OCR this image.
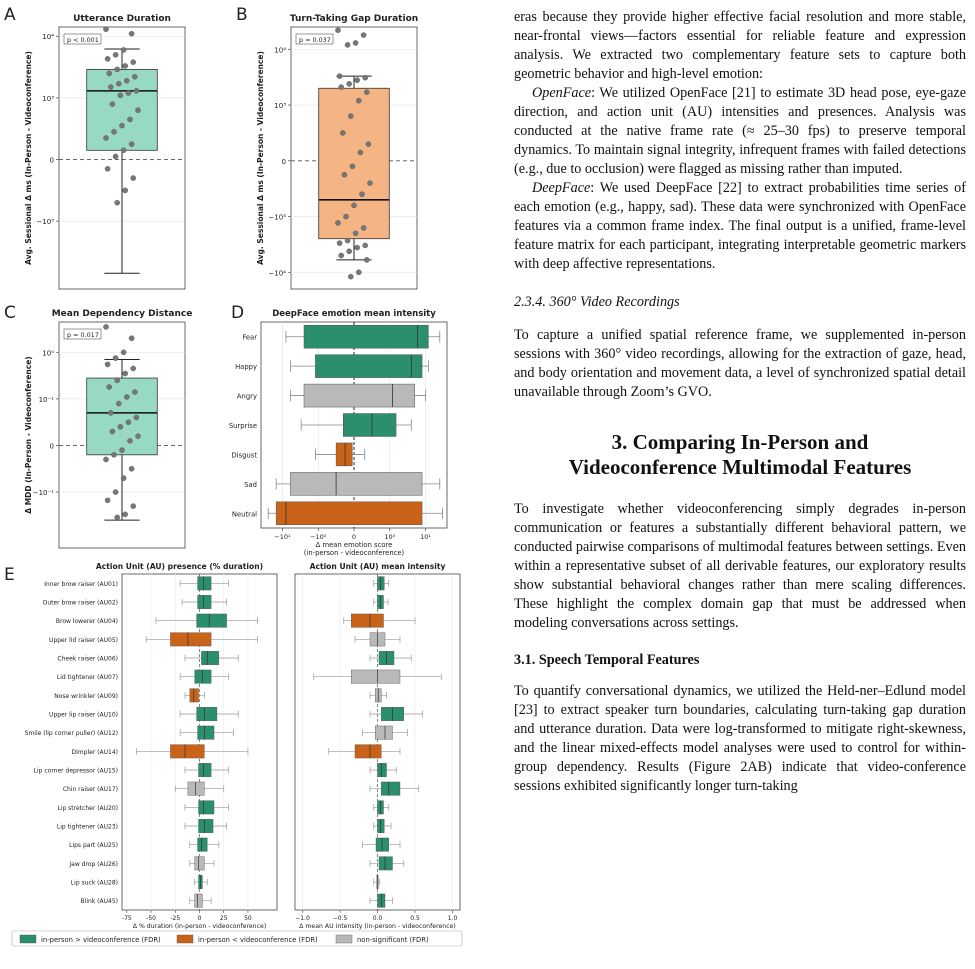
A	Utterance Duration
10⁴
10³
0
−10³
Avg. Sessional Δ ms (In-Person - Videoconference)
p < 0.001
B	Turn-Taking Gap Duration
10⁴
10³
0
−10³
−10⁴
Avg. Sessional Δ ms (In-Person - Videoconference)
p = 0.037
C	Mean Dependency Distance
10⁰
10⁻¹
0
−10⁻¹
Δ MDD (In-Person - Videoconference)
p = 0.017
D	DeepFace emotion mean intensity
−10¹	−10⁰	0	10⁰	10¹
Δ mean emotion score
(in-person - videoconference)
Fear
Happy
Angry
Surprise
Disgust
Sad
Neutral
E	Action Unit (AU) presence (% duration)
-75 -50 -25	0	25	50
Δ % duration (in-person - videoconference)
Inner brow raiser (AU01)
Outer brow raiser (AU02)
Brow lowerer (AU04)
Upper lid raiser (AU05)
Cheek raiser (AU06)
Lid tightener (AU07)
Nose wrinkler (AU09)
Upper lip raiser (AU10)
Smile (lip corner puller) (AU12)
Dimpler (AU14)
Lip corner depressor (AU15)
Chin raiser (AU17)
Lip stretcher (AU20)
Lip tightener (AU23)
Lips part (AU25)
Jaw drop (AU26)
Lip suck (AU28)
Blink (AU45)
Action Unit (AU) mean intensity
−1.0	−0.5	0.0	0.5	1.0
Δ mean AU intensity (in-person - videoconference)
in-person > videoconference (FDR)	in-person < videoconference (FDR)	non-significant (FDR)

eras because they provide higher effective facial resolution and more stable, near-frontal views—factors essential for reliable feature and expression analysis. We extracted two complementary feature sets to capture both geometric behavior and high-level emotion:

OpenFace: We utilized OpenFace [21] to estimate 3D head pose, eye-gaze direction, and action unit (AU) intensities and presences. Analysis was conducted at the native frame rate (≈ 25–30 fps) to preserve temporal dynamics. To maintain signal integrity, infrequent frames with failed detections (e.g., due to occlusion) were flagged as missing rather than imputed.

DeepFace: We used DeepFace [22] to extract probabilities time series of each emotion (e.g., happy, sad). These data were synchronized with OpenFace features via a common frame index. The final output is a unified, frame-level feature matrix for each participant, integrating interpretable geometric markers with deep affective representations.

2.3.4. 360° Video Recordings

To capture a unified spatial reference frame, we supplemented in-person sessions with 360° video recordings, allowing for the extraction of gaze, head, and body orientation and movement data, a level of synchronized spatial detail unavailable through Zoom’s GVO.

3. Comparing In-Person and
Videoconference Multimodal Features

To investigate whether videoconferencing simply degrades in-person communication or features a substantially different behavioral pattern, we conducted pairwise comparisons of multimodal features between settings. Even within a representative subset of all derivable features, our exploratory results show substantial behavioral changes rather than mere scaling differences. These highlight the complex domain gap that must be addressed when modeling conversations across settings.

3.1. Speech Temporal Features

To quantify conversational dynamics, we utilized the Held-ner–Edlund model [23] to extract speaker turn boundaries, calculating turn-taking gap duration and utterance duration. Data were log-transformed to mitigate right-skewness, and the linear mixed-effects model analyses were used to control for within-group dependency. Results (Figure 2AB) indicate that video-conference sessions exhibited significantly longer turn-taking
